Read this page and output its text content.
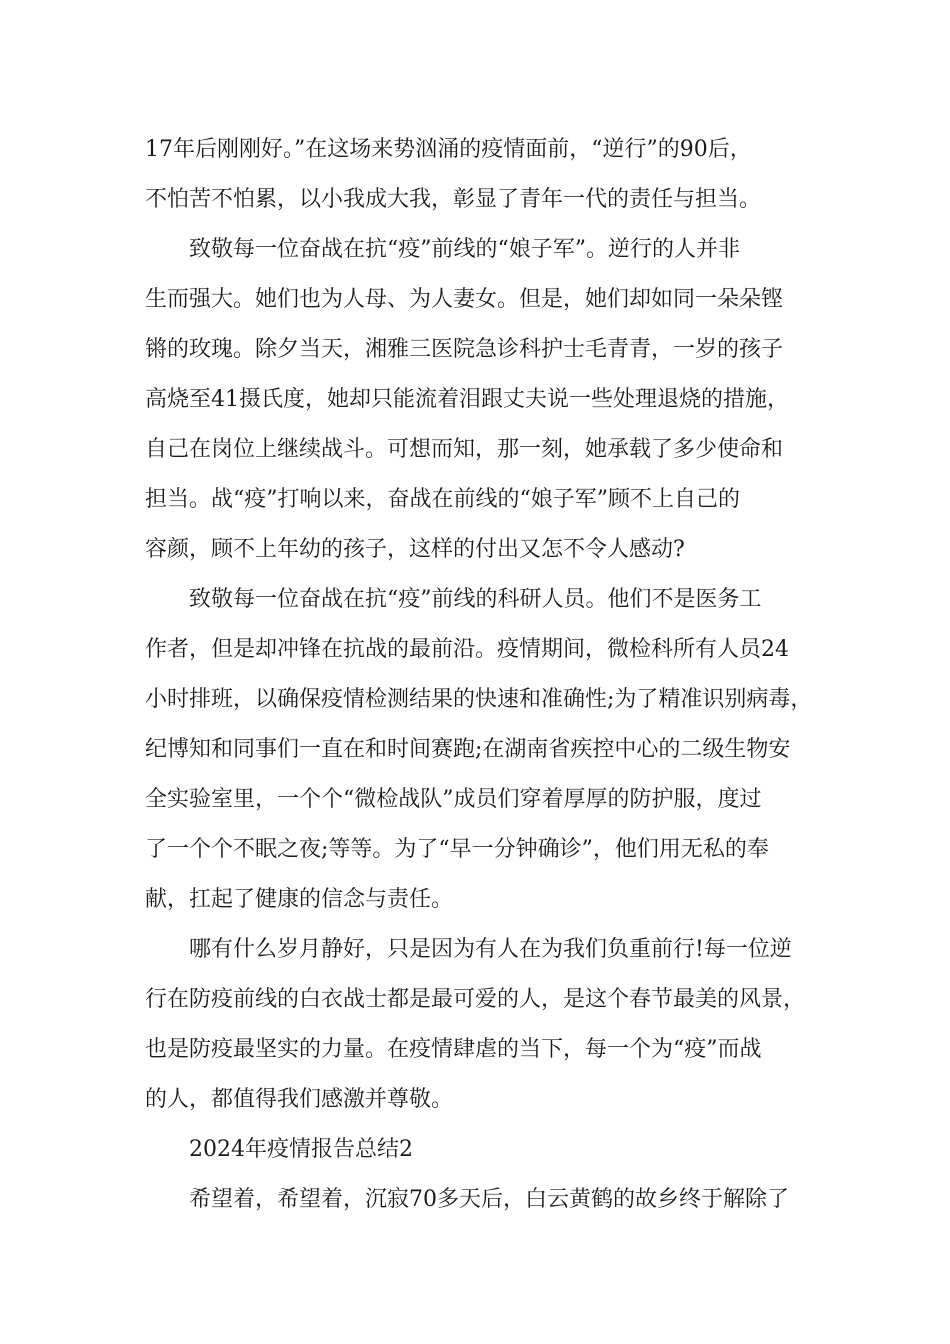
17年后刚刚好。”在这场来势汹涌的疫情面前，“逆行”的90后，
不怕苦不怕累，以小我成大我，彰显了青年一代的责任与担当。
致敬每一位奋战在抗“疫”前线的“娘子军”。逆行的人并非
生而强大。她们也为人母、为人妻女。但是，她们却如同一朵朵铿
锵的玫瑰。除夕当天，湘雅三医院急诊科护士毛青青，一岁的孩子
高烧至41摄氏度，她却只能流着泪跟丈夫说一些处理退烧的措施，
自己在岗位上继续战斗。可想而知，那一刻，她承载了多少使命和
担当。战“疫”打响以来，奋战在前线的“娘子军”顾不上自己的
容颜，顾不上年幼的孩子，这样的付出又怎不令人感动?
致敬每一位奋战在抗“疫”前线的科研人员。他们不是医务工
作者，但是却冲锋在抗战的最前沿。疫情期间，微检科所有人员24
小时排班，以确保疫情检测结果的快速和准确性;为了精准识别病毒，
纪博知和同事们一直在和时间赛跑;在湖南省疾控中心的二级生物安
全实验室里，一个个“微检战队”成员们穿着厚厚的防护服，度过
了一个个不眠之夜;等等。为了“早一分钟确诊”，他们用无私的奉
献，扛起了健康的信念与责任。
哪有什么岁月静好，只是因为有人在为我们负重前行!每一位逆
行在防疫前线的白衣战士都是最可爱的人，是这个春节最美的风景，
也是防疫最坚实的力量。在疫情肆虐的当下，每一个为“疫”而战
的人，都值得我们感激并尊敬。
2024年疫情报告总结2
希望着，希望着，沉寂70多天后，白云黄鹤的故乡终于解除了
